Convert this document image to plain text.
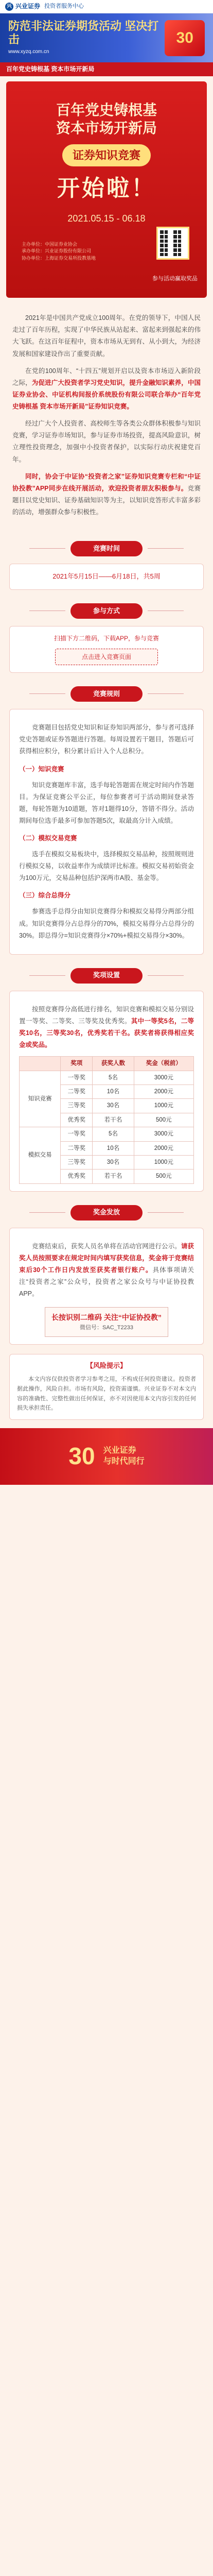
兴 兴业证券 投资者服务中心
防范非法证券期货活动 坚决打击
www.xyzq.com.cn
30
百年党史铸根基 资本市场开新局
百年党史铸根基
资本市场开新局
证券知识竞赛
开始啦！
2021.05.15 - 06.18
主办单位：中国证券业协会
承办单位：兴业证券股份有限公司
协办单位：上海证券交易所投教基地
参与活动赢取奖品

2021年是中国共产党成立100周年。在党的领导下，中国人民走过了百年历程，实现了中华民族从站起来、富起来到强起来的伟大飞跃。在这百年征程中，资本市场从无到有、从小到大，为经济发展和国家建设作出了重要贡献。

在党的100周年、“十四五”规划开启以及资本市场迈入新阶段之际，为促进广大投资者学习党史知识，提升金融知识素养，中国证券业协会、中证机构间报价系统股份有限公司联合举办“百年党史铸根基 资本市场开新局”证券知识竞赛。

经过广大个人投资者、高校师生等各类公众群体积极参与知识竞赛，学习证券市场知识，参与证券市场投资，提高风险意识，树立理性投资理念，加强中小投资者保护，以实际行动庆祝建党百年。

同时，协会于中证协“投资者之家”证券知识竞赛专栏和“中证协投教”APP同步在线开展活动，欢迎投资者朋友积极参与。竞赛题目以党史知识、证券基础知识等为主，以知识竞答形式丰富多彩的活动，增强群众参与积极性。

竞赛时间
2021年5月15日——6月18日，共5周
参与方式
扫描下方二维码，下载APP，参与竞赛
点击进入竞赛页面
竞赛规则

竞赛题目包括党史知识和证券知识两部分，参与者可选择党史答题或证券答题进行答题。每周设置若干题目，答题后可获得相应积分，积分累计后计入个人总积分。

（一）知识竞赛

知识竞赛题库丰富，选手每轮答题需在规定时间内作答题目。为保证竞赛公平公正，每位参赛者可于活动期间登录答题，每轮答题为10道题，答对1题得10分，答错不得分。活动期间每位选手最多可参加答题5次，取最高分计入成绩。

（二）模拟交易竞赛

选手在模拟交易板块中，选择模拟交易品种，按照规则进行模拟交易，以收益率作为成绩评比标准。模拟交易初始资金为100万元，交易品种包括沪深两市A股、基金等。

（三）综合总得分

参赛选手总得分由知识竞赛得分和模拟交易得分两部分组成。知识竞赛得分占总得分的70%，模拟交易得分占总得分的30%。即总得分=知识竞赛得分×70%+模拟交易得分×30%。

奖项设置

按照竞赛得分高低进行排名，知识竞赛和模拟交易分别设置一等奖、二等奖、三等奖及优秀奖。其中一等奖5名，二等奖10名，三等奖30名，优秀奖若干名。获奖者将获得相应奖金或奖品。

	奖项	获奖人数	奖金（税前）
知识竞赛	一等奖	5名	3000元
	二等奖	10名	2000元
	三等奖	30名	1000元
	优秀奖	若干名	500元
模拟交易	一等奖	5名	3000元
	二等奖	10名	2000元
	三等奖	30名	1000元
	优秀奖	若干名	500元
奖金发放

竞赛结束后，获奖人员名单将在活动官网进行公示。请获奖人员按照要求在规定时间内填写获奖信息，奖金将于竞赛结束后30个工作日内发放至获奖者银行账户。具体事项请关注“投资者之家”公众号，投资者之家公众号与中证协投教APP。

长按识别二维码 关注“中证协投教”
微信号：SAC_T2233
【风险提示】

本文内容仅供投资者学习参考之用，不构成任何投资建议。投资者据此操作，风险自担。市场有风险，投资需谨慎。兴业证券不对本文内容的准确性、完整性做出任何保证，亦不对因使用本文内容引发的任何损失承担责任。

30 兴业证券
与时代同行
